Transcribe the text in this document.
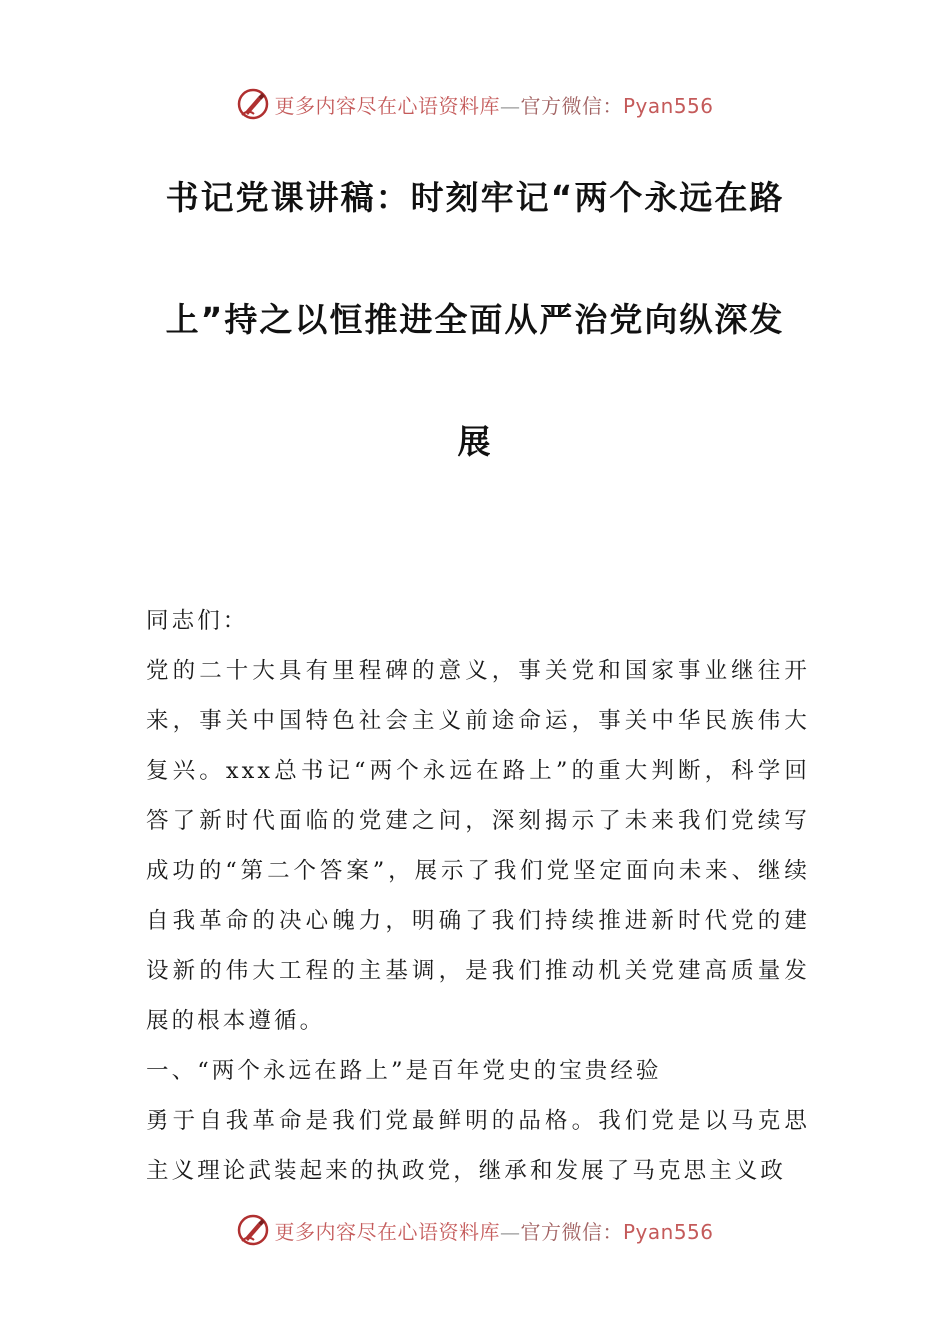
更多内容尽在心语资料库—官方微信：Pyan556
书记党课讲稿：时刻牢记“两个永远在路
上”持之以恒推进全面从严治党向纵深发
展

同志们：

党的二十大具有里程碑的意义，事关党和国家事业继往开来，事关中国特色社会主义前途命运，事关中华民族伟大复兴。xxx总书记“两个永远在路上”的重大判断，科学回答了新时代面临的党建之问，深刻揭示了未来我们党续写成功的“第二个答案”，展示了我们党坚定面向未来、继续自我革命的决心魄力，明确了我们持续推进新时代党的建设新的伟大工程的主基调，是我们推动机关党建高质量发展的根本遵循。

一、“两个永远在路上”是百年党史的宝贵经验

勇于自我革命是我们党最鲜明的品格。我们党是以马克思主义理论武装起来的执政党，继承和发展了马克思主义政

更多内容尽在心语资料库—官方微信：Pyan556
